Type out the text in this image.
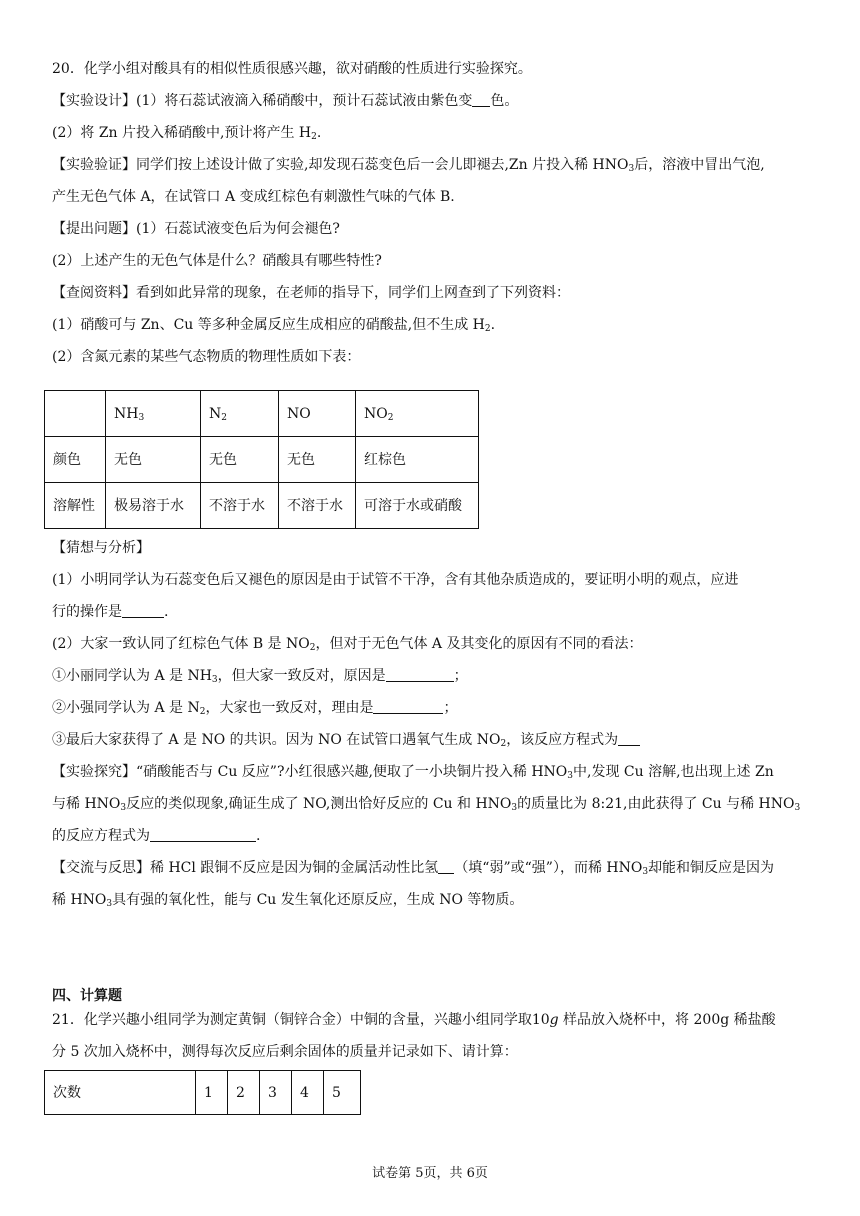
20．化学小组对酸具有的相似性质很感兴趣，欲对硝酸的性质进行实验探究。
【实验设计】(1）将石蕊试液滴入稀硝酸中，预计石蕊试液由紫色变 色。
(2）将 Zn 片投入稀硝酸中,预计将产生 $H_2$.
【实验验证】同学们按上述设计做了实验,却发现石蕊变色后一会儿即褪去,Zn 片投入稀 $HNO_3$后，溶液中冒出气泡,
产生无色气体 A，在试管口 A 变成红棕色有刺激性气味的气体 B.
【提出问题】(1）石蕊试液变色后为何会褪色?
(2）上述产生的无色气体是什么？硝酸具有哪些特性?
【查阅资料】看到如此异常的现象，在老师的指导下，同学们上网查到了下列资料：
(1）硝酸可与 Zn、Cu 等多种金属反应生成相应的硝酸盐,但不生成 $H_2$.
(2）含氮元素的某些气态物质的物理性质如下表：
	$NH_3$	$N_2$	NO	$NO_2$
颜色	无色	无色	无色	红棕色
溶解性	极易溶于水	不溶于水	不溶于水	可溶于水或硝酸
【猜想与分析】
(1）小明同学认为石蕊变色后又褪色的原因是由于试管不干净，含有其他杂质造成的，要证明小明的观点，应进
行的操作是	.
(2）大家一致认同了红棕色气体 B 是 $NO_2$，但对于无色气体 A 及其变化的原因有不同的看法：
①小丽同学认为 A 是 $NH_3$，但大家一致反对，原因是	；
②小强同学认为 A 是 $N_2$，大家也一致反对，理由是	；
③最后大家获得了 A 是 NO 的共识。因为 NO 在试管口遇氧气生成 $NO_2$，该反应方程式为
【实验探究】“硝酸能否与 Cu 反应”?小红很感兴趣,便取了一小块铜片投入稀 $HNO_3$中,发现 Cu 溶解,也出现上述 Zn
与稀 $HNO_3$反应的类似现象,确证生成了 NO,测出恰好反应的 Cu 和 $HNO_3$的质量比为 8:21,由此获得了 Cu 与稀 $HNO_3$
的反应方程式为	.
【交流与反思】稀 HCl 跟铜不反应是因为铜的金属活动性比氢 （填“弱”或“强”），而稀 $HNO_3$却能和铜反应是因为
稀 $HNO_3$具有强的氧化性，能与 Cu 发生氧化还原反应，生成 NO 等物质。
四、计算题
21．化学兴趣小组同学为测定黄铜（铜锌合金）中铜的含量，兴趣小组同学取10g 样品放入烧杯中，将 200g 稀盐酸
分 5 次加入烧杯中，测得每次反应后剩余固体的质量并记录如下、请计算：
次数	1	2	3	4	5
试卷第 5页，共 6页
